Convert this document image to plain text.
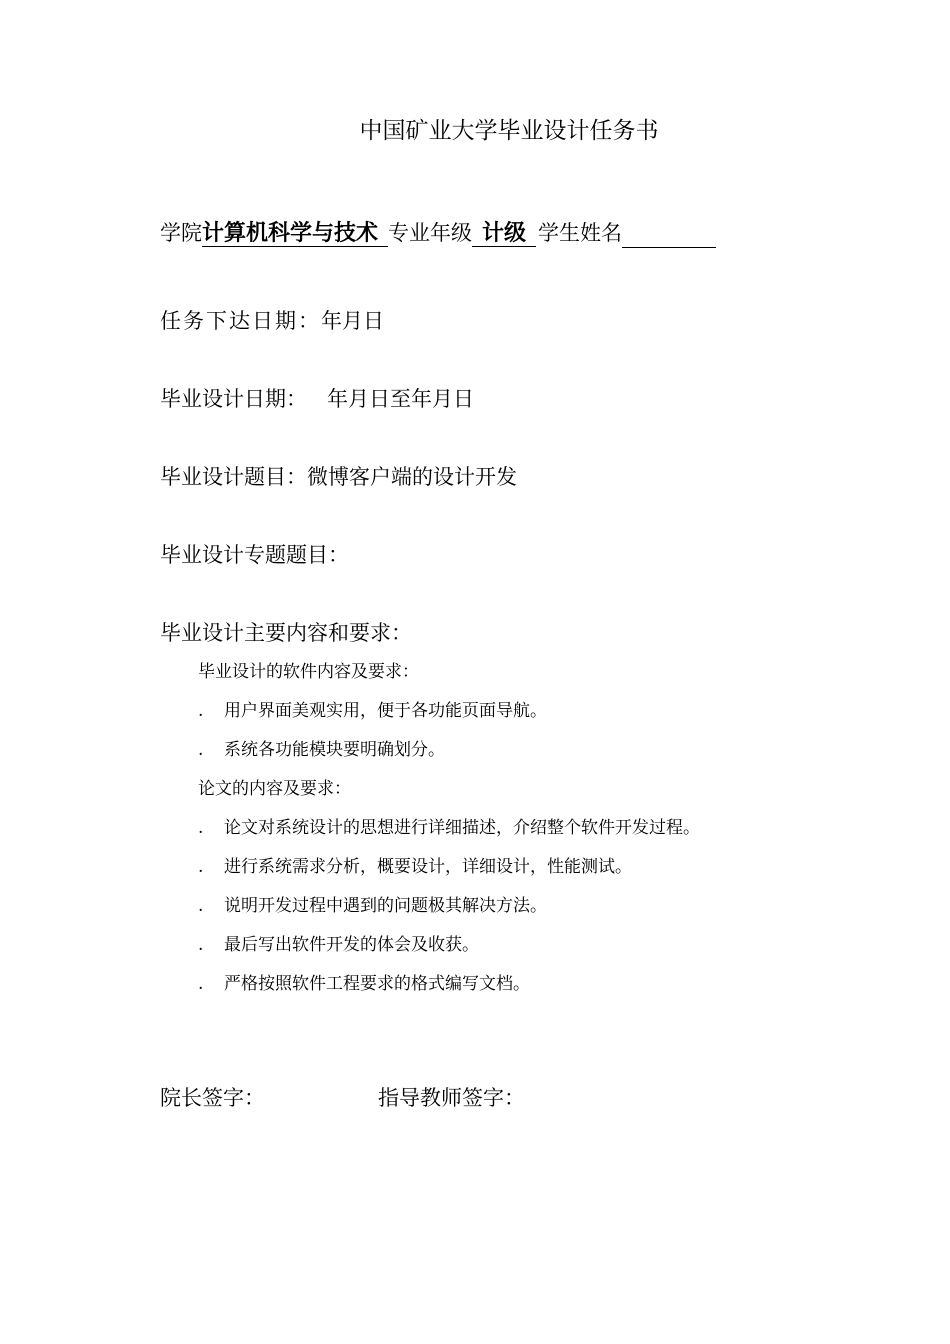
中国矿业大学毕业设计任务书
学院计算机科学与技术 专业年级 计级 学生姓名
任务下达日期：年月日
毕业设计日期： 年月日至年月日
毕业设计题目：微博客户端的设计开发
毕业设计专题题目：
毕业设计主要内容和要求：
毕业设计的软件内容及要求：
. 用户界面美观实用，便于各功能页面导航。
. 系统各功能模块要明确划分。
论文的内容及要求：
. 论文对系统设计的思想进行详细描述，介绍整个软件开发过程。
. 进行系统需求分析，概要设计，详细设计，性能测试。
. 说明开发过程中遇到的问题极其解决方法。
. 最后写出软件开发的体会及收获。
. 严格按照软件工程要求的格式编写文档。
院长签字：	指导教师签字：
